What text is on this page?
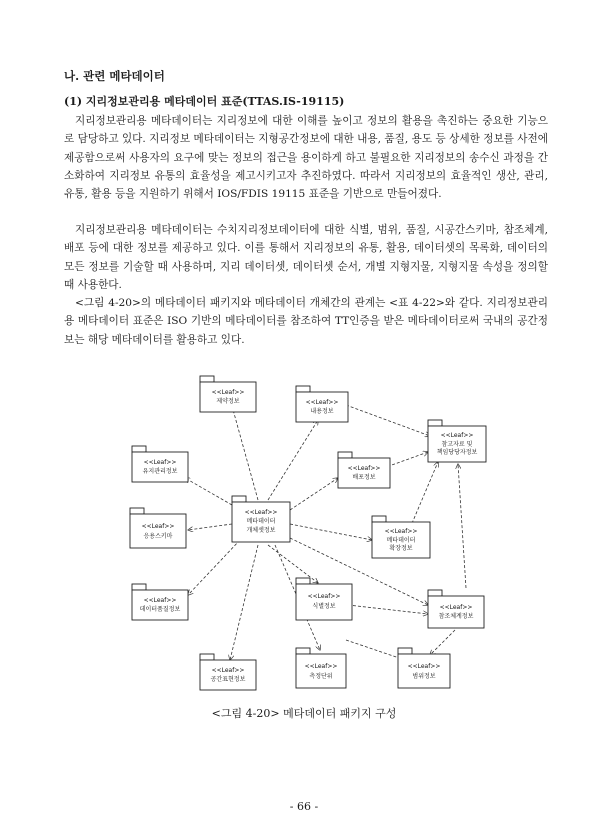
나. 관련 메타데이터
(1) 지리정보관리용 메타데이터 표준(TTAS.IS-19115)

지리정보관리용 메타데이터는 지리정보에 대한 이해를 높이고 정보의 활용을 촉진하는 중요한 기능으로 담당하고 있다. 지리정보 메타데이터는 지형공간정보에 대한 내용, 품질, 용도 등 상세한 정보를 사전에 제공함으로써 사용자의 요구에 맞는 정보의 접근을 용이하게 하고 불필요한 지리정보의 송수신 과정을 간소화하여 지리정보 유통의 효율성을 제고시키고자 추진하였다. 따라서 지리정보의 효율적인 생산, 관리, 유통, 활용 등을 지원하기 위해서 IOS/FDIS 19115 표준을 기반으로 만들어졌다.

지리정보관리용 메타데이터는 수치지리정보데이터에 대한 식별, 범위, 품질, 시공간스키마, 참조체계, 배포 등에 대한 정보를 제공하고 있다. 이를 통해서 지리정보의 유통, 활용, 데이터셋의 목록화, 데이터의 모든 정보를 기술할 때 사용하며, 지리 데이터셋, 데이터셋 순서, 개별 지형지물, 지형지물 속성을 정의할 때 사용한다.

<그림 4-20>의 메타데이터 패키지와 메타데이터 개체간의 관계는 <표 4-22>와 같다. 지리정보관리용 메타데이터 표준은 ISO 기반의 메타데이터를 참조하여 TT인증을 받은 메타데이터로써 국내의 공간정보는 해당 메타데이터를 활용하고 있다.

<<Leaf>>
제약정보	<<Leaf>>
내용정보
<<Leaf>>
참고자료 및
책임당당자정보
<<Leaf>>
유지관리정보	<<Leaf>>
배포정보
<<Leaf>>
메타데이터
개체셋정보
<<Leaf>>
응용스키마
<<Leaf>>
메타데이터
확장정보
<<Leaf>>
데이터품질정보
<<Leaf>>
식별정보	<<Leaf>>
참조체계정보
<<Leaf>>
공간표현정보
<<Leaf>>
측정단위
<<Leaf>>
범위정보

<그림 4-20> 메타데이터 패키지 구성

- 66 -
